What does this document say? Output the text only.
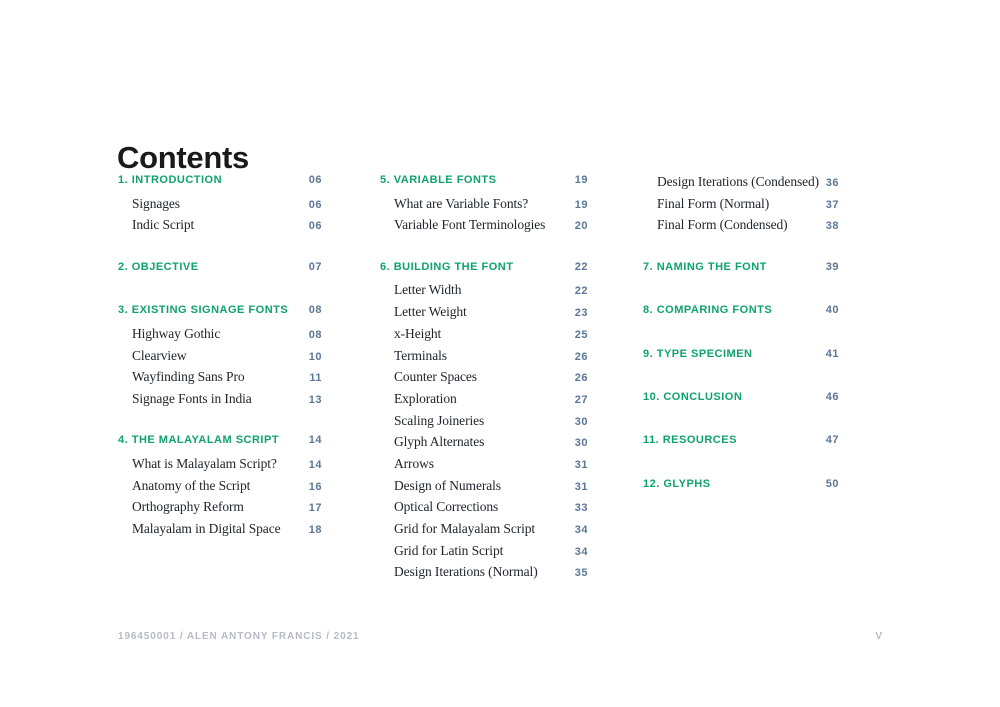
Contents
1. INTRODUCTION	06
Signages	06
Indic Script	06
2. OBJECTIVE	07
3. EXISTING SIGNAGE FONTS 08
Highway Gothic	08
Clearview	10
Wayfinding Sans Pro	11
Signage Fonts in India	13
4. THE MALAYALAM SCRIPT	14
What is Malayalam Script?	14
Anatomy of the Script	16
Orthography Reform	17
Malayalam in Digital Space	18
5. VARIABLE FONTS	19
What are Variable Fonts?	19
Variable Font Terminologies	20
6. BUILDING THE FONT	22
Letter Width	22
Letter Weight	23
x-Height	25
Terminals	26
Counter Spaces	26
Exploration	27
Scaling Joineries	30
Glyph Alternates	30
Arrows	31
Design of Numerals	31
Optical Corrections	33
Grid for Malayalam Script	34
Grid for Latin Script	34
Design Iterations (Normal)	35
Design Iterations (Condensed) 36
Final Form (Normal)	37
Final Form (Condensed)	38
7. NAMING THE FONT	39
8. COMPARING FONTS	40
9. TYPE SPECIMEN	41
10. CONCLUSION	46
11. RESOURCES	47
12. GLYPHS	50
196450001 / ALEN ANTONY FRANCIS / 2021	V
